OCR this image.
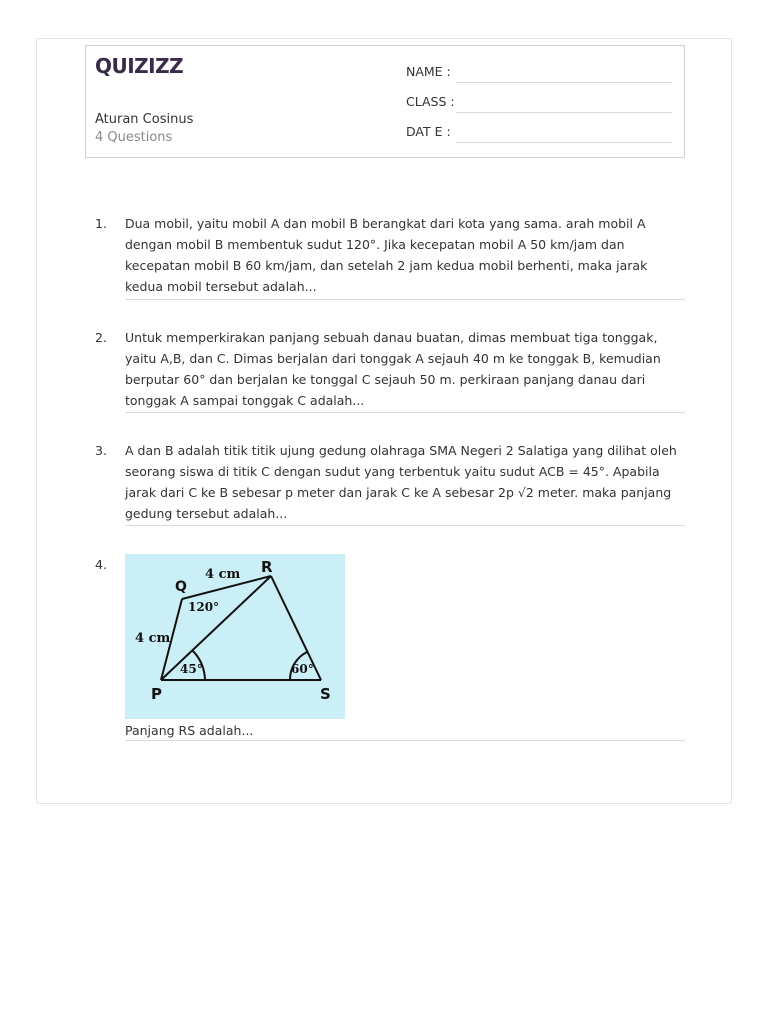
QUIZIZZ
Aturan Cosinus
4 Questions
NAME :
CLASS :
DAT E :
1. Dua mobil, yaitu mobil A dan mobil B berangkat dari kota yang sama. arah mobil A dengan mobil B membentuk sudut 120°. Jika kecepatan mobil A 50 km/jam dan kecepatan mobil B 60 km/jam, dan setelah 2 jam kedua mobil berhenti, maka jarak kedua mobil tersebut adalah...
2. Untuk memperkirakan panjang sebuah danau buatan, dimas membuat tiga tonggak, yaitu A,B, dan C. Dimas berjalan dari tonggak A sejauh 40 m ke tonggak B, kemudian berputar 60° dan berjalan ke tonggal C sejauh 50 m. perkiraan panjang danau dari tonggak A sampai tonggak C adalah...
3. A dan B adalah titik titik ujung gedung olahraga SMA Negeri 2 Salatiga yang dilihat oleh seorang siswa di titik C dengan sudut yang terbentuk yaitu sudut ACB = 45°. Apabila jarak dari C ke B sebesar p meter dan jarak C ke A sebesar 2p √2 meter. maka panjang gedung tersebut adalah...
4.
4 cm
4 cm
120°
45°	60°
Q
R
P	S
Panjang RS adalah...
